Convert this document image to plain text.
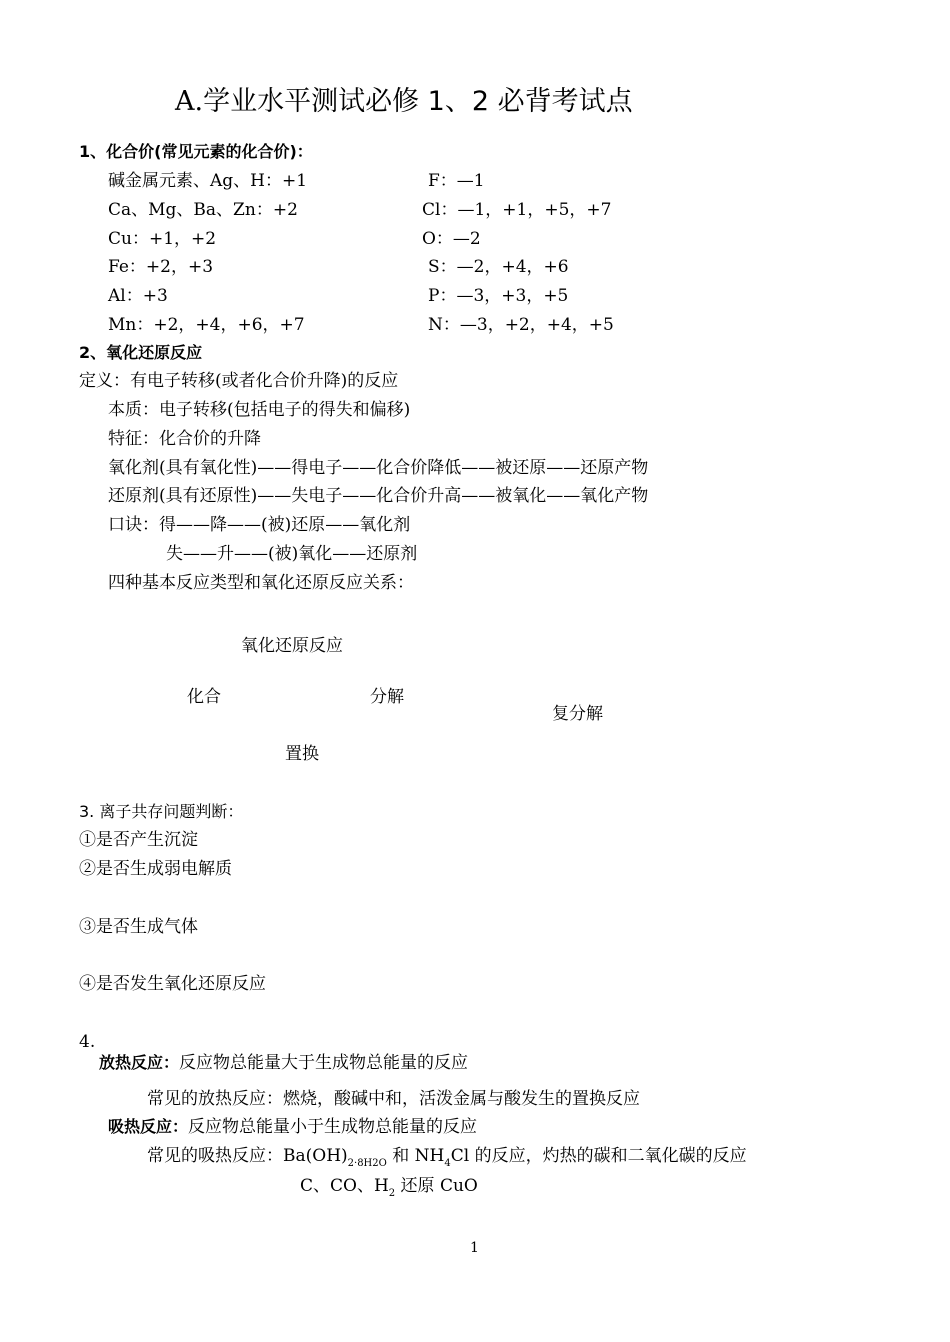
A.学业水平测试必修 1、2 必背考试点
1、化合价(常见元素的化合价)：
碱金属元素、Ag、H：+1
Ca、Mg、Ba、Zn：+2
Cu：+1，+2
Fe：+2，+3
Al：+3
Mn：+2，+4，+6，+7
F：—1
Cl：—1，+1，+5，+7
O：—2
S：—2，+4，+6
P：—3，+3，+5
N：—3，+2，+4，+5
2、氧化还原反应
定义：有电子转移(或者化合价升降)的反应
本质：电子转移(包括电子的得失和偏移)
特征：化合价的升降
氧化剂(具有氧化性)——得电子——化合价降低——被还原——还原产物
还原剂(具有还原性)——失电子——化合价升高——被氧化——氧化产物
口诀：得——降——(被)还原——氧化剂
失——升——(被)氧化——还原剂
四种基本反应类型和氧化还原反应关系：
氧化还原反应
化合	分解
复分解
置换
3. 离子共存问题判断：
①是否产生沉淀
②是否生成弱电解质
③是否生成气体
④是否发生氧化还原反应
4.
放热反应：反应物总能量大于生成物总能量的反应
常见的放热反应：燃烧，酸碱中和，活泼金属与酸发生的置换反应
吸热反应：反应物总能量小于生成物总能量的反应
常见的吸热反应：$Ba(OH)_{2\cdot 8H2O}$ 和 $NH_4Cl$ 的反应，灼热的碳和二氧化碳的反应
C、CO、$H_2$ 还原 CuO
1
